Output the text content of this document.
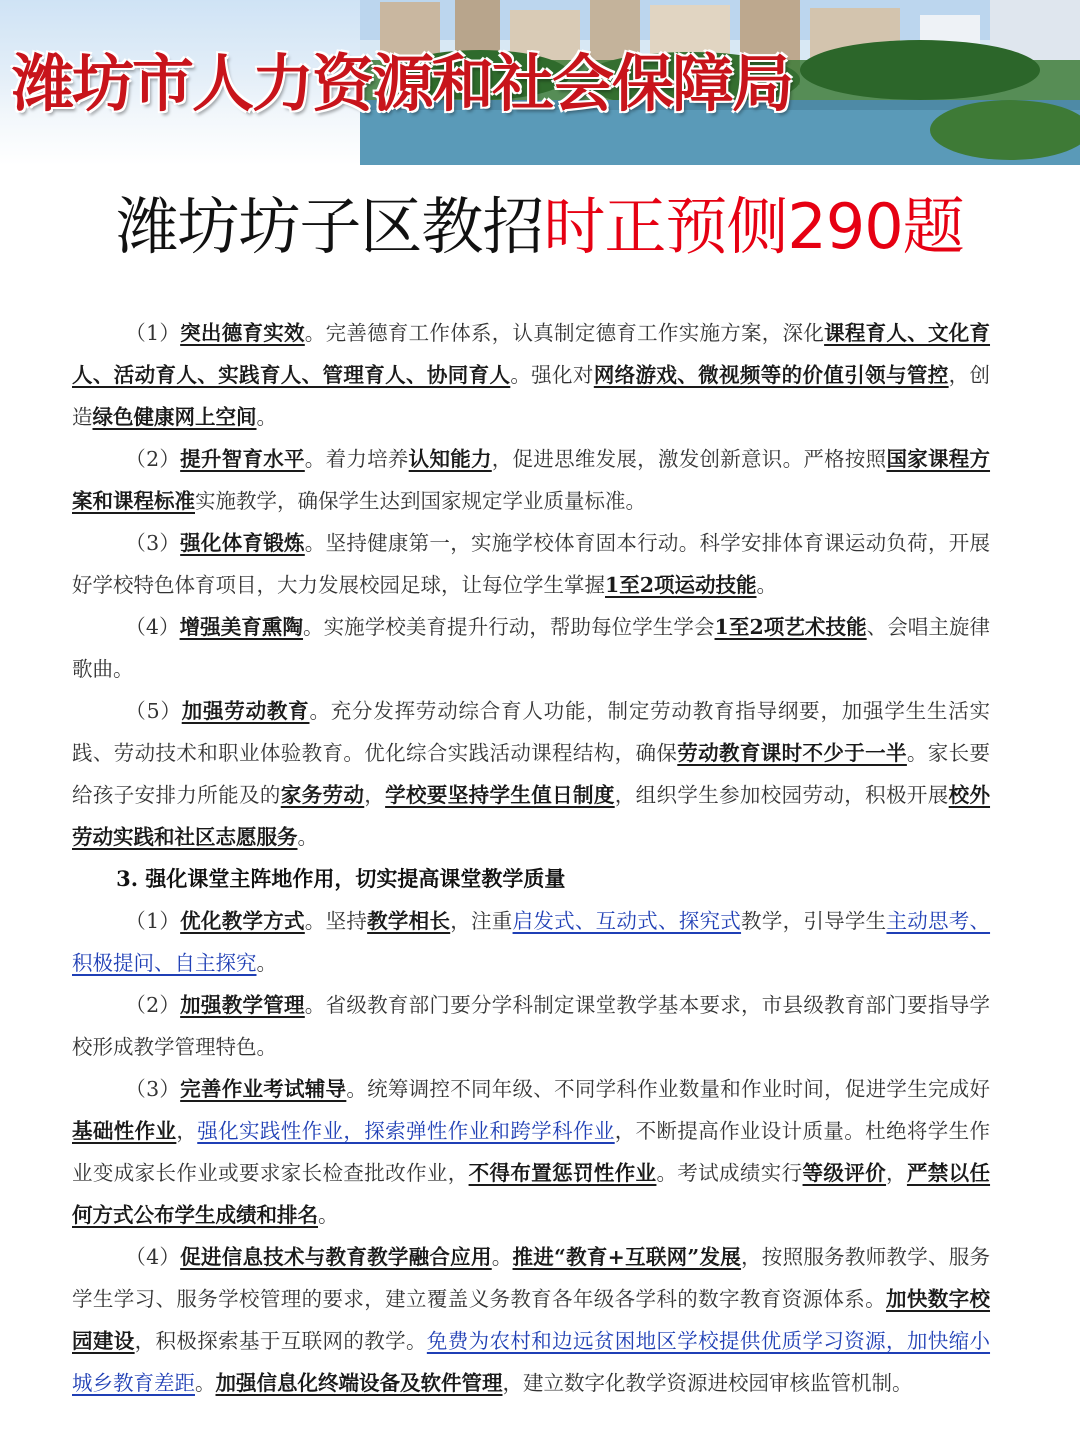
潍坊市人力资源和社会保障局
潍坊坊子区教招时正预侧290题

（1）突出德育实效。完善德育工作体系，认真制定德育工作实施方案，深化课程育人、文化育人、活动育人、实践育人、管理育人、协同育人。强化对网络游戏、微视频等的价值引领与管控，创造绿色健康网上空间。

（2）提升智育水平。着力培养认知能力，促进思维发展，激发创新意识。严格按照国家课程方案和课程标准实施教学，确保学生达到国家规定学业质量标准。

（3）强化体育锻炼。坚持健康第一，实施学校体育固本行动。科学安排体育课运动负荷，开展好学校特色体育项目，大力发展校园足球，让每位学生掌握1至2项运动技能。

（4）增强美育熏陶。实施学校美育提升行动，帮助每位学生学会1至2项艺术技能、会唱主旋律歌曲。

（5）加强劳动教育。充分发挥劳动综合育人功能，制定劳动教育指导纲要，加强学生生活实践、劳动技术和职业体验教育。优化综合实践活动课程结构，确保劳动教育课时不少于一半。家长要给孩子安排力所能及的家务劳动，学校要坚持学生值日制度，组织学生参加校园劳动，积极开展校外劳动实践和社区志愿服务。

3. 强化课堂主阵地作用，切实提高课堂教学质量

（1）优化教学方式。坚持教学相长，注重启发式、互动式、探究式教学，引导学生主动思考、积极提问、自主探究。

（2）加强教学管理。省级教育部门要分学科制定课堂教学基本要求，市县级教育部门要指导学校形成教学管理特色。

（3）完善作业考试辅导。统筹调控不同年级、不同学科作业数量和作业时间，促进学生完成好基础性作业，强化实践性作业，探索弹性作业和跨学科作业，不断提高作业设计质量。杜绝将学生作业变成家长作业或要求家长检查批改作业，不得布置惩罚性作业。考试成绩实行等级评价，严禁以任何方式公布学生成绩和排名。

（4）促进信息技术与教育教学融合应用。推进“教育+互联网”发展，按照服务教师教学、服务学生学习、服务学校管理的要求，建立覆盖义务教育各年级各学科的数字教育资源体系。加快数字校园建设，积极探索基于互联网的教学。免费为农村和边远贫困地区学校提供优质学习资源，加快缩小城乡教育差距。加强信息化终端设备及软件管理，建立数字化教学资源进校园审核监管机制。
